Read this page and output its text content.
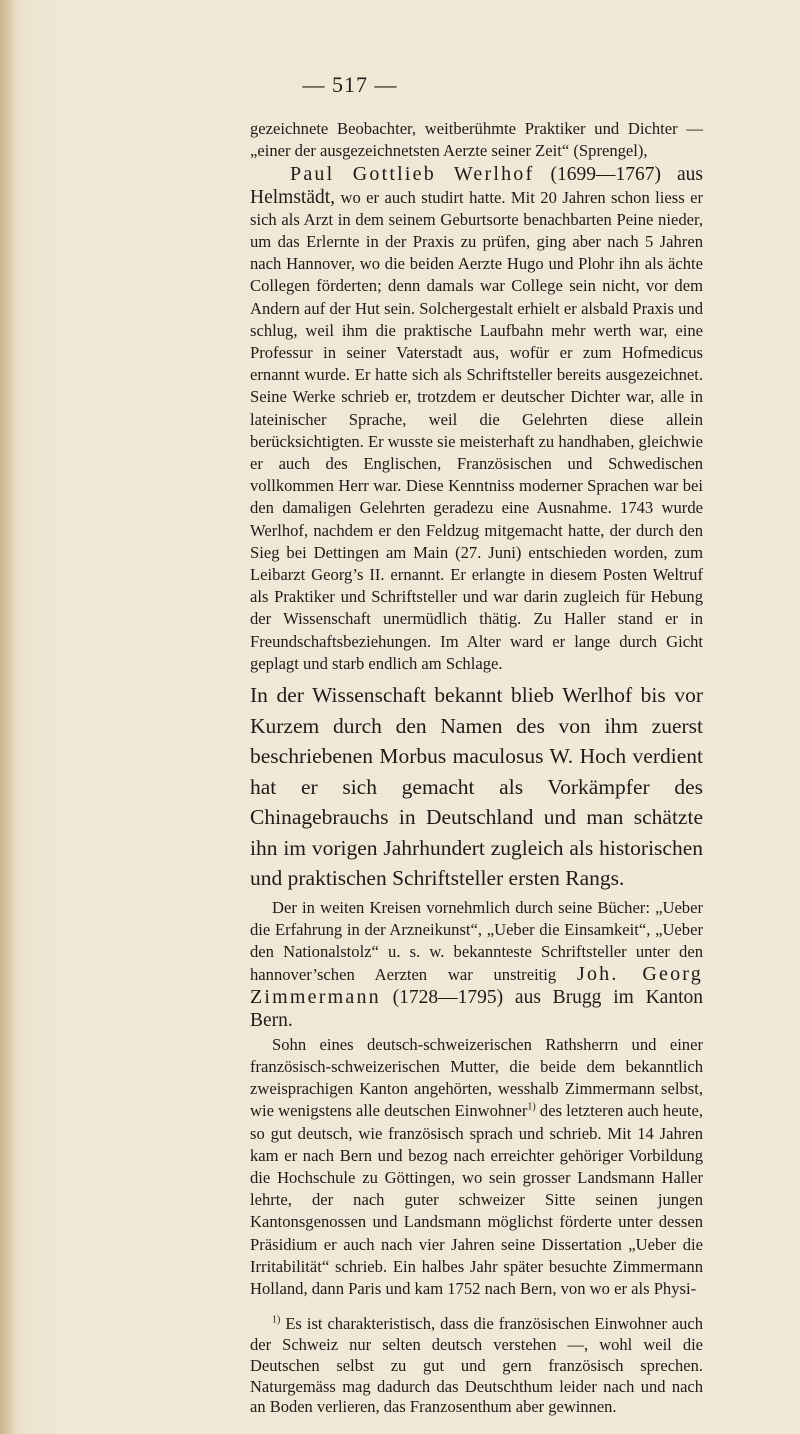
— 517 —

gezeichnete Beobachter, weitberühmte Praktiker und Dichter — „einer der ausgezeichnetsten Aerzte seiner Zeit“ (Sprengel),

Paul Gottlieb Werlhof (1699—1767) aus Helmstädt, wo er auch studirt hatte. Mit 20 Jahren schon liess er sich als Arzt in dem seinem Geburtsorte benachbarten Peine nieder, um das Erlernte in der Praxis zu prüfen, ging aber nach 5 Jahren nach Hannover, wo die beiden Aerzte Hugo und Plohr ihn als ächte Collegen förderten; denn damals war College sein nicht, vor dem Andern auf der Hut sein. Solchergestalt erhielt er alsbald Praxis und schlug, weil ihm die praktische Laufbahn mehr werth war, eine Professur in seiner Vaterstadt aus, wofür er zum Hofmedicus ernannt wurde. Er hatte sich als Schriftsteller bereits ausgezeichnet. Seine Werke schrieb er, trotzdem er deutscher Dichter war, alle in lateinischer Sprache, weil die Gelehrten diese allein berücksichtigten. Er wusste sie meisterhaft zu handhaben, gleichwie er auch des Englischen, Französischen und Schwedischen vollkommen Herr war. Diese Kenntniss moderner Sprachen war bei den damaligen Gelehrten geradezu eine Ausnahme. 1743 wurde Werlhof, nachdem er den Feldzug mitgemacht hatte, der durch den Sieg bei Dettingen am Main (27. Juni) entschieden worden, zum Leibarzt Georg’s II. ernannt. Er erlangte in diesem Posten Weltruf als Praktiker und Schriftsteller und war darin zugleich für Hebung der Wissenschaft unermüdlich thätig. Zu Haller stand er in Freundschaftsbeziehungen. Im Alter ward er lange durch Gicht geplagt und starb endlich am Schlage.

In der Wissenschaft bekannt blieb Werlhof bis vor Kurzem durch den Namen des von ihm zuerst beschriebenen Morbus maculosus W. Hoch verdient hat er sich gemacht als Vorkämpfer des Chinagebrauchs in Deutschland und man schätzte ihn im vorigen Jahrhundert zugleich als historischen und praktischen Schriftsteller ersten Rangs.

Der in weiten Kreisen vornehmlich durch seine Bücher: „Ueber die Erfahrung in der Arzneikunst“, „Ueber die Einsamkeit“, „Ueber den Nationalstolz“ u. s. w. bekannteste Schriftsteller unter den hannover’schen Aerzten war unstreitig Joh. Georg Zimmermann (1728—1795) aus Brugg im Kanton Bern.

Sohn eines deutsch-schweizerischen Rathsherrn und einer französisch-schweizerischen Mutter, die beide dem bekanntlich zweisprachigen Kanton angehörten, wesshalb Zimmermann selbst, wie wenigstens alle deutschen Einwohner$^{1)}$ des letzteren auch heute, so gut deutsch, wie französisch sprach und schrieb. Mit 14 Jahren kam er nach Bern und bezog nach erreichter gehöriger Vorbildung die Hochschule zu Göttingen, wo sein grosser Landsmann Haller lehrte, der nach guter schweizer Sitte seinen jungen Kantonsgenossen und Landsmann möglichst förderte unter dessen Präsidium er auch nach vier Jahren seine Dissertation „Ueber die Irritabilität“ schrieb. Ein halbes Jahr später besuchte Zimmermann Holland, dann Paris und kam 1752 nach Bern, von wo er als Physi-

$^{1)}$ Es ist charakteristisch, dass die französischen Einwohner auch der Schweiz nur selten deutsch verstehen —, wohl weil die Deutschen selbst zu gut und gern französisch sprechen. Naturgemäss mag dadurch das Deutschthum leider nach und nach an Boden verlieren, das Franzosenthum aber gewinnen.
